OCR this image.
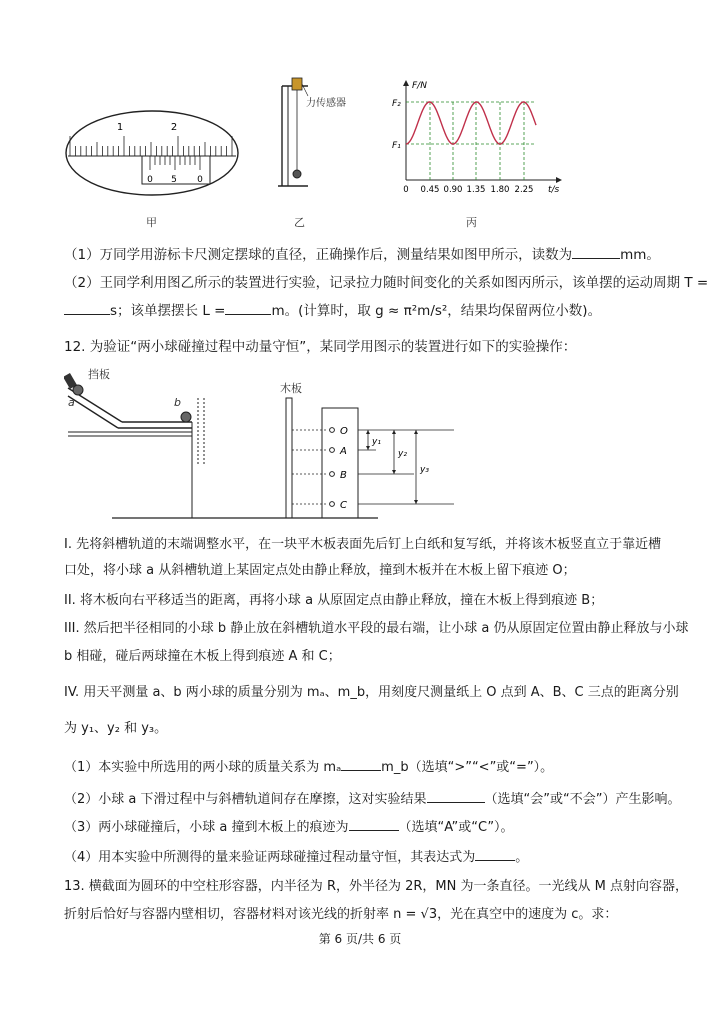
1	2
0 5 0
甲
力传感器
乙
F/N
t/s
F₂
F₁
0 0.45 0.90 1.35 1.80 2.25
丙
（1）万同学用游标卡尺测定摆球的直径，正确操作后，测量结果如图甲所示，读数为	mm。
（2）王同学利用图乙所示的装置进行实验，记录拉力随时间变化的关系如图丙所示，该单摆的运动周期 T =
s；该单摆摆长 L =	m。(计算时，取 g ≈ π²m/s²，结果均保留两位小数)。
12. 为验证“两小球碰撞过程中动量守恒”，某同学用图示的装置进行如下的实验操作：
O
A
B
C
y₁
y₂
y₃
挡板
a	b
木板
I. 先将斜槽轨道的末端调整水平，在一块平木板表面先后钉上白纸和复写纸，并将该木板竖直立于靠近槽
口处，将小球 a 从斜槽轨道上某固定点处由静止释放，撞到木板并在木板上留下痕迹 O；
II. 将木板向右平移适当的距离，再将小球 a 从原固定点由静止释放，撞在木板上得到痕迹 B；
III. 然后把半径相同的小球 b 静止放在斜槽轨道水平段的最右端，让小球 a 仍从原固定位置由静止释放与小球
b 相碰，碰后两球撞在木板上得到痕迹 A 和 C；
IV. 用天平测量 a、b 两小球的质量分别为 mₐ、m_b，用刻度尺测量纸上 O 点到 A、B、C 三点的距离分别
为 y₁、y₂ 和 y₃。
（1）本实验中所选用的两小球的质量关系为 mₐ	m_b（选填“>”“<”或“=”）。
（2）小球 a 下滑过程中与斜槽轨道间存在摩擦，这对实验结果	（选填“会”或“不会”）产生影响。
（3）两小球碰撞后，小球 a 撞到木板上的痕迹为	（选填“A”或“C”）。
（4）用本实验中所测得的量来验证两球碰撞过程动量守恒，其表达式为	。
13. 横截面为圆环的中空柱形容器，内半径为 R，外半径为 2R，MN 为一条直径。一光线从 M 点射向容器，
折射后恰好与容器内壁相切，容器材料对该光线的折射率 n = √3，光在真空中的速度为 c。求：
第 6 页/共 6 页
